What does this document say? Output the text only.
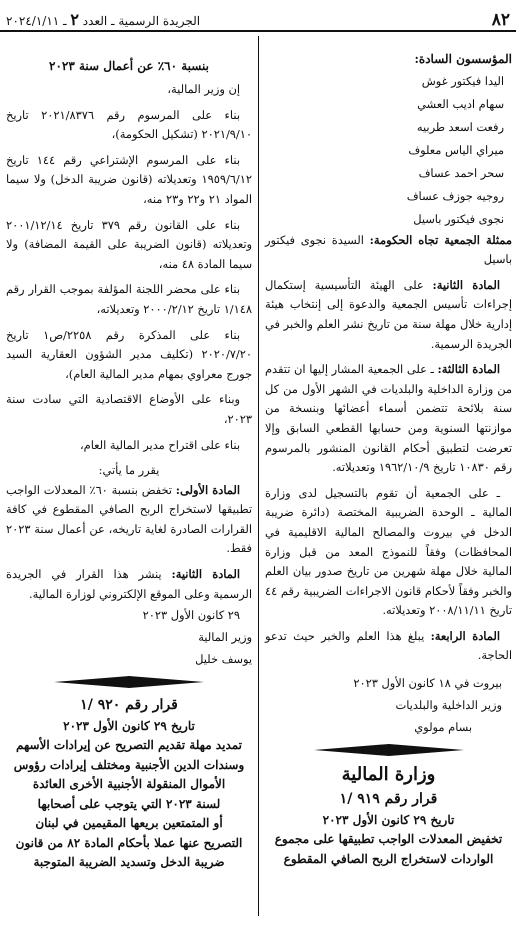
الجريدة الرسمية ـ العدد ٢ ـ ٢٠٢٤/١/١١	٨٢

المؤسسون السادة:

اليدا فيكتور غوش

سهام اديب العشي

رفعت اسعد طربيه

ميراي الياس معلوف

سحر احمد عساف

روجيه جوزف عساف

نجوى فيكتور باسيل

ممثلة الجمعية تجاه الحكومة: السيدة نجوى فيكتور باسيل

المادة الثانية: على الهيئة التأسيسية إستكمال إجراءات تأسيس الجمعية والدعوة إلى إنتخاب هيئة إدارية خلال مهلة سنة من تاريخ نشر العلم والخبر في الجريدة الرسمية.

المادة الثالثة: ـ على الجمعية المشار إليها ان تتقدم من وزارة الداخلية والبلديات في الشهر الأول من كل سنة بلائحة تتضمن أسماء أعضائها وبنسخة من موازنتها السنوية ومن حسابها القطعي السابق وإلا تعرضت لتطبيق أحكام القانون المنشور بالمرسوم رقم ١٠٨٣٠ تاريخ ١٩٦٢/١٠/٩ وتعديلاته.

ـ على الجمعية أن تقوم بالتسجيل لدى وزارة المالية ـ الوحدة الضريبية المختصة (دائرة ضريبة الدخل في بيروت والمصالح المالية الاقليمية في المحافظات) وفقاً للنموذج المعد من قبل وزارة المالية خلال مهلة شهرين من تاريخ صدور بيان العلم والخبر وفقاً لأحكام قانون الاجراءات الضريبية رقم ٤٤ تاريخ ٢٠٠٨/١١/١١ وتعديلاته.

المادة الرابعة: يبلغ هذا العلم والخبر حيث تدعو الحاجة.

بيروت في ١٨ كانون الأول ٢٠٢٣

وزير الداخلية والبلديات

بسام مولوي

وزارة المالية

قرار رقم ٩١٩ /١

تاريخ ٢٩ كانون الأول ٢٠٢٣

تخفيض المعدلات الواجب تطبيقها على مجموع الواردات لاستخراج الربح الصافي المقطوع

بنسبة ٦٠٪ عن أعمال سنة ٢٠٢٣

إن وزير المالية،

بناء على المرسوم رقم ٢٠٢١/٨٣٧٦ تاريخ ٢٠٢١/٩/١٠ (تشكيل الحكومة)،

بناء على المرسوم الإشتراعي رقم ١٤٤ تاريخ ١٩٥٩/٦/١٢ وتعديلاته (قانون ضريبة الدخل) ولا سيما المواد ٢١ و٢٢ و٢٣ منه،

بناء على القانون رقم ٣٧٩ تاريخ ٢٠٠١/١٢/١٤ وتعديلاته (قانون الضريبة على القيمة المضافة) ولا سيما المادة ٤٨ منه،

بناء على محضر اللجنة المؤلفة بموجب القرار رقم ١/١٤٨ تاريخ ٢٠٠٠/٢/١٢ وتعديلاته،

بناء على المذكرة رقم ٢٢٥٨/ص١ تاريخ ٢٠٢٠/٧/٢٠ (تكليف مدير الشؤون العقارية السيد جورج معراوي بمهام مدير المالية العام)،

وبناء على الأوضاع الاقتصادية التي سادت سنة ٢٠٢٣،

بناء على اقتراح مدير المالية العام،

يقرر ما يأتي:

المادة الأولى: تخفض بنسبة ٦٠٪ المعدلات الواجب تطبيقها لاستخراج الربح الصافي المقطوع في كافة القرارات الصادرة لغاية تاريخه، عن أعمال سنة ٢٠٢٣ فقط.

المادة الثانية: ينشر هذا القرار في الجريدة الرسمية وعلى الموقع الإلكتروني لوزارة المالية.

٢٩ كانون الأول ٢٠٢٣

وزير المالية

يوسف خليل

قرار رقم ٩٢٠ /١

تاريخ ٢٩ كانون الأول ٢٠٢٣

تمديد مهلة تقديم التصريح عن إيرادات الأسهم

وسندات الدين الأجنبية ومختلف إيرادات رؤوس

الأموال المنقولة الأجنبية الأخرى العائدة

لسنة ٢٠٢٣ التي يتوجب على أصحابها

أو المتمتعين بريعها المقيمين في لبنان

التصريح عنها عملا بأحكام المادة ٨٢ من قانون

ضريبة الدخل وتسديد الضريبة المتوجبة
